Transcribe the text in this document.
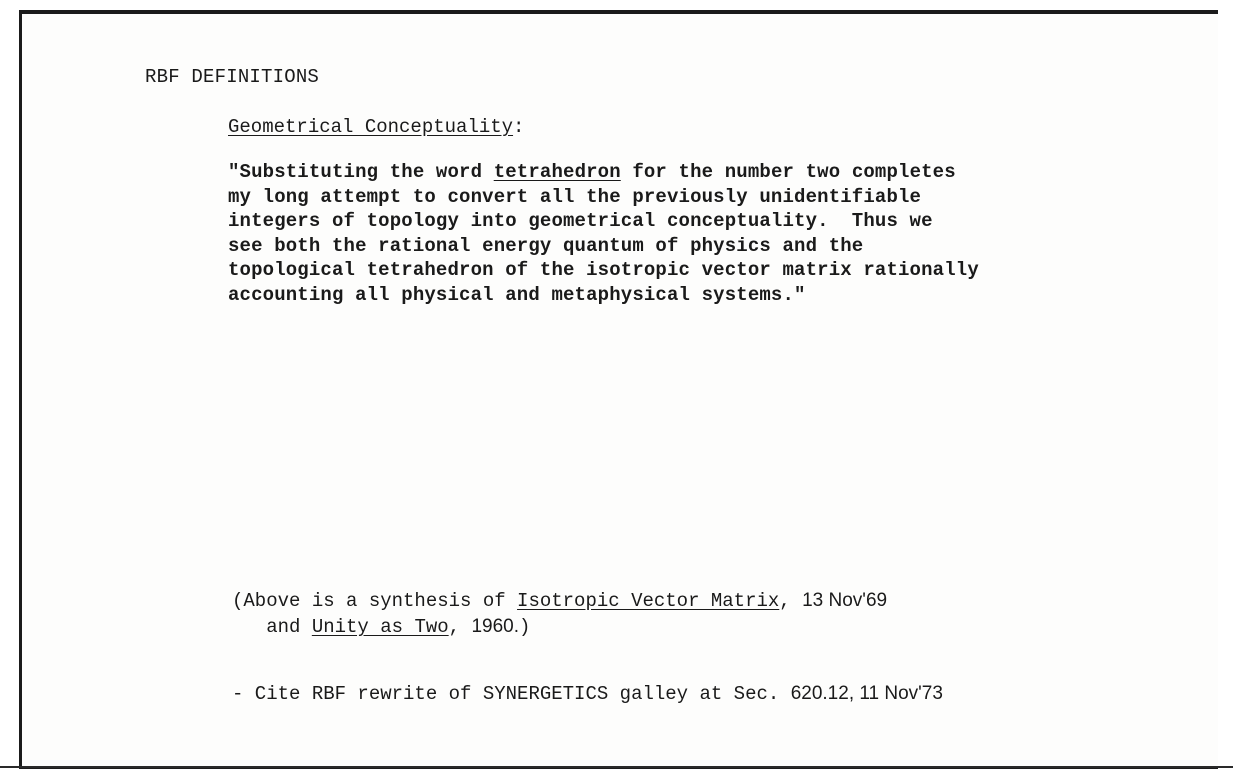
RBF DEFINITIONS
Geometrical Conceptuality:
"Substituting the word tetrahedron for the number two completes
my long attempt to convert all the previously unidentifiable
integers of topology into geometrical conceptuality.  Thus we
see both the rational energy quantum of physics and the
topological tetrahedron of the isotropic vector matrix rationally
accounting all physical and metaphysical systems."
(Above is a synthesis of Isotropic Vector Matrix, 13 Nov'69
and Unity as Two, 1960.)
- Cite RBF rewrite of SYNERGETICS galley at Sec. 620.12, 11 Nov'73
